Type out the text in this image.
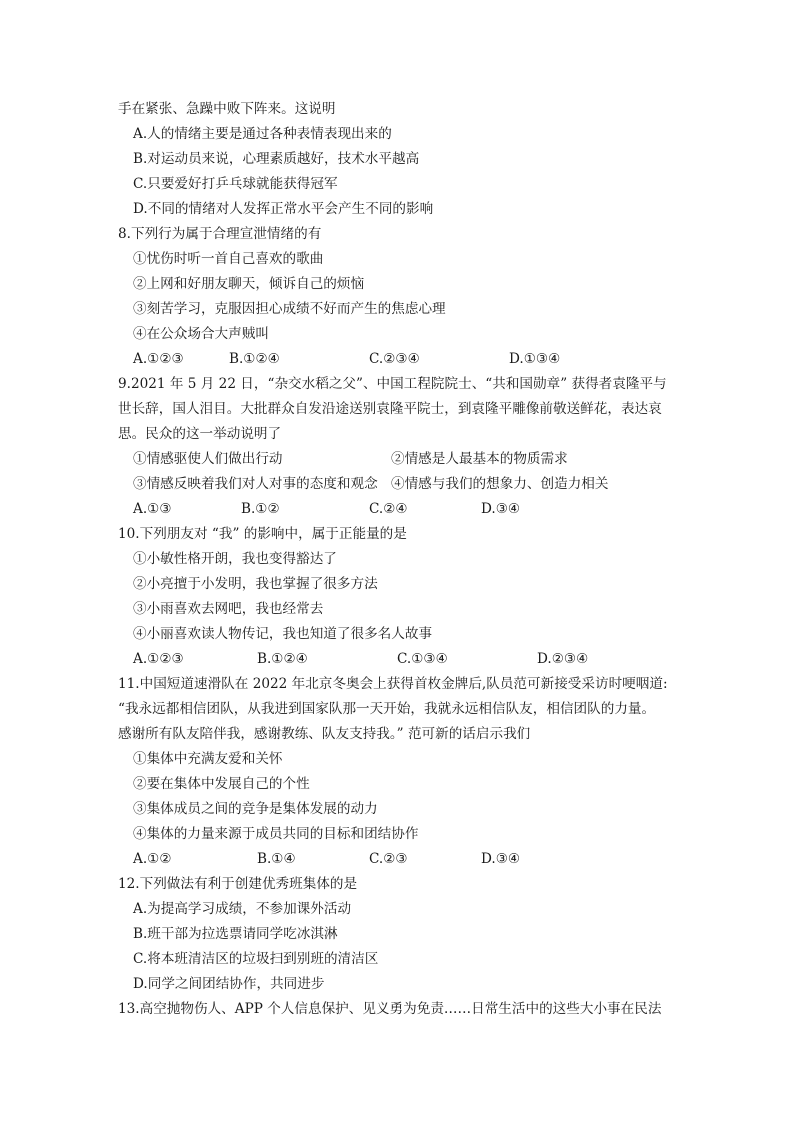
手在紧张、急躁中败下阵来。这说明
A.人的情绪主要是通过各种表情表现出来的
B.对运动员来说，心理素质越好，技术水平越高
C.只要爱好打乒乓球就能获得冠军
D.不同的情绪对人发挥正常水平会产生不同的影响
8.下列行为属于合理宣泄情绪的有
①忧伤时听一首自己喜欢的歌曲
②上网和好朋友聊天，倾诉自己的烦恼
③刻苦学习，克服因担心成绩不好而产生的焦虑心理
④在公众场合大声贼叫
A.①②③	B.①②④	C.②③④	D.①③④
9.2021 年 5 月 22 日，“杂交水稻之父”、中国工程院院士、“共和国勋章” 获得者袁隆平与
世长辞，国人泪目。大批群众自发沿途送别袁隆平院士，到袁隆平雕像前敬送鲜花，表达哀
思。民众的这一举动说明了
①情感驱使人们做出行动	②情感是人最基本的物质需求
③情感反映着我们对人对事的态度和观念 ④情感与我们的想象力、创造力相关
A.①③	B.①②	C.②④	D.③④
10.下列朋友对 “我” 的影响中，属于正能量的是
①小敏性格开朗，我也变得豁达了
②小亮擅于小发明，我也掌握了很多方法
③小雨喜欢去网吧，我也经常去
④小丽喜欢读人物传记，我也知道了很多名人故事
A.①②③	B.①②④	C.①③④	D.②③④
11.中国短道速滑队在 2022 年北京冬奥会上获得首枚金牌后,队员范可新接受采访时哽咽道:
“我永远都相信团队，从我进到国家队那一天开始，我就永远相信队友，相信团队的力量。
感谢所有队友陪伴我，感谢教练、队友支持我。” 范可新的话启示我们
①集体中充满友爱和关怀
②要在集体中发展自己的个性
③集体成员之间的竞争是集体发展的动力
④集体的力量来源于成员共同的目标和团结协作
A.①②	B.①④	C.②③	D.③④
12.下列做法有利于创建优秀班集体的是
A.为提高学习成绩，不参加课外活动
B.班干部为拉选票请同学吃冰淇淋
C.将本班清洁区的垃圾扫到别班的清洁区
D.同学之间团结协作，共同进步
13.高空抛物伤人、APP 个人信息保护、见义勇为免责……日常生活中的这些大小事在民法
